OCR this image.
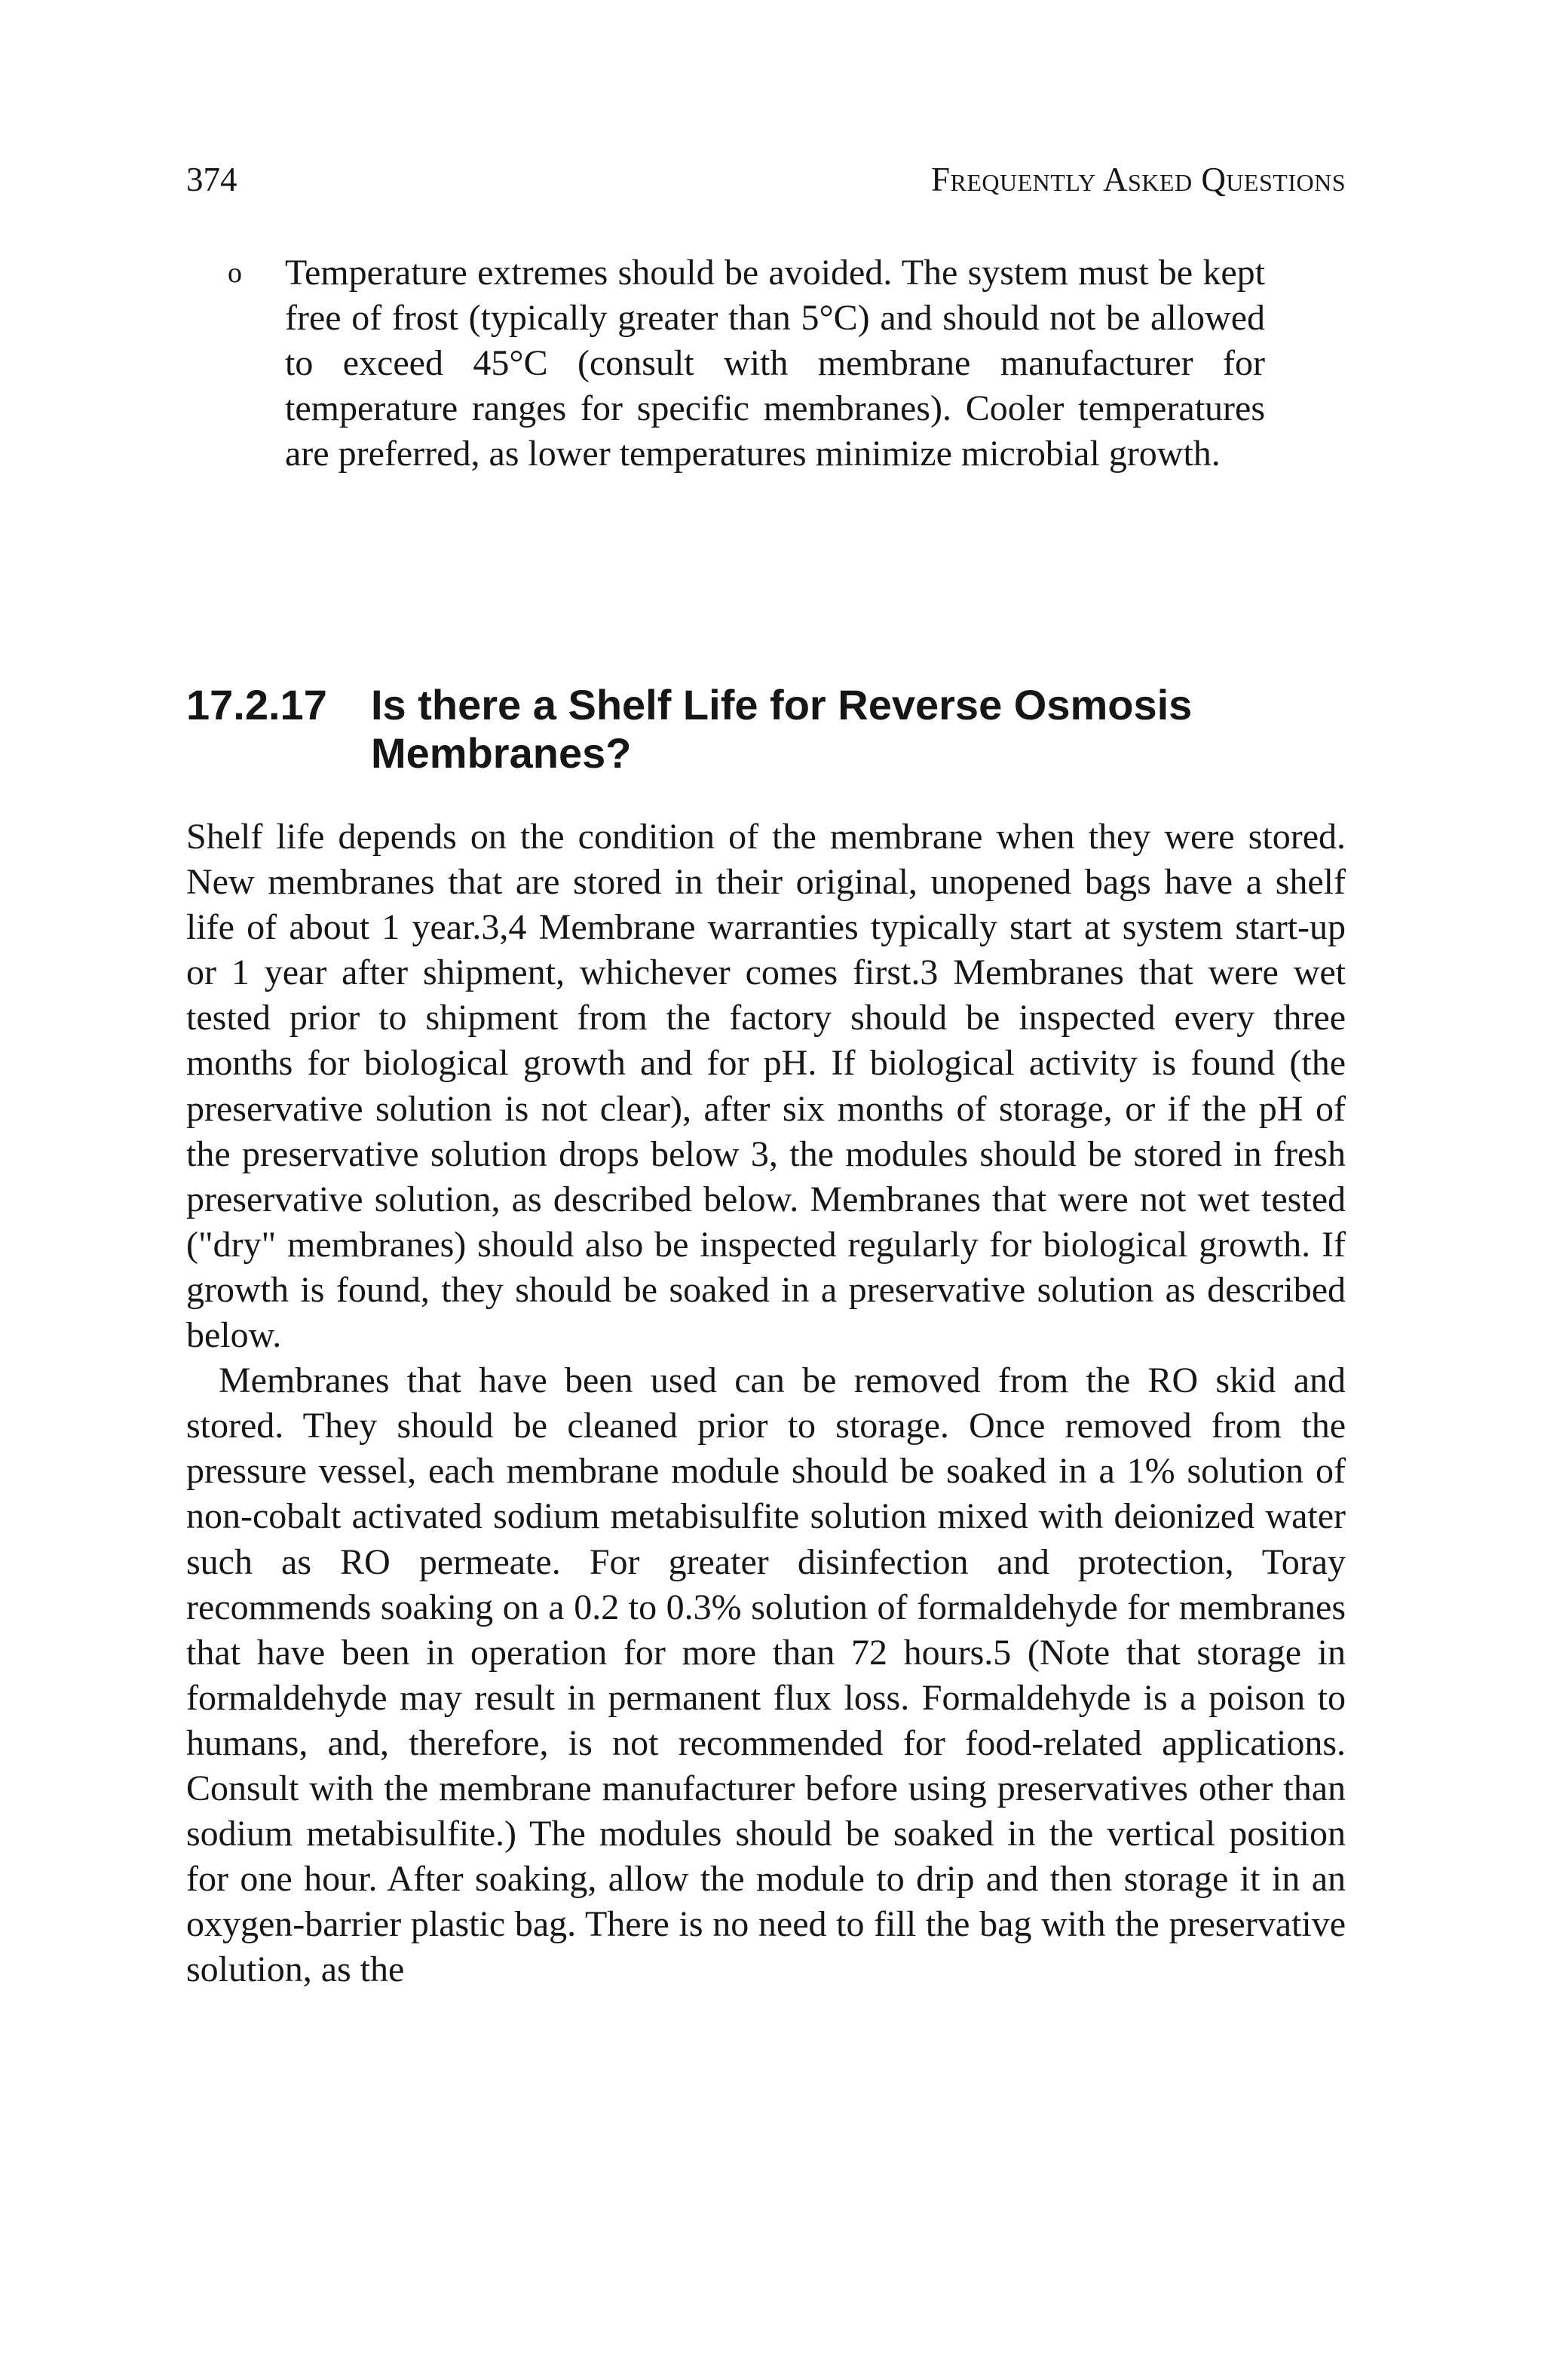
374	Frequently Asked Questions
o Temperature extremes should be avoided. The system must be kept free of frost (typically greater than 5°C) and should not be allowed to exceed 45°C (consult with membrane manufacturer for temperature ranges for specific membranes). Cooler temperatures are preferred, as lower temperatures minimize microbial growth.
17.2.17 Is there a Shelf Life for Reverse Osmosis Membranes?

Shelf life depends on the condition of the membrane when they were stored. New membranes that are stored in their original, unopened bags have a shelf life of about 1 year.3,4 Membrane warranties typically start at system start-up or 1 year after shipment, whichever comes first.3 Membranes that were wet tested prior to shipment from the factory should be inspected every three months for biological growth and for pH. If biological activity is found (the preservative solution is not clear), after six months of storage, or if the pH of the preservative solution drops below 3, the modules should be stored in fresh preservative solution, as described below. Membranes that were not wet tested ("dry" membranes) should also be inspected regularly for biological growth. If growth is found, they should be soaked in a preservative solution as described below.

Membranes that have been used can be removed from the RO skid and stored. They should be cleaned prior to storage. Once removed from the pressure vessel, each membrane module should be soaked in a 1% solution of non-cobalt activated sodium metabisulfite solution mixed with deionized water such as RO permeate. For greater disinfection and protection, Toray recommends soaking on a 0.2 to 0.3% solution of formaldehyde for membranes that have been in operation for more than 72 hours.5 (Note that storage in formaldehyde may result in permanent flux loss. Formaldehyde is a poison to humans, and, therefore, is not recommended for food-related applications. Consult with the membrane manufacturer before using preservatives other than sodium metabisulfite.) The modules should be soaked in the vertical position for one hour. After soaking, allow the module to drip and then storage it in an oxygen-barrier plastic bag. There is no need to fill the bag with the preservative solution, as the
